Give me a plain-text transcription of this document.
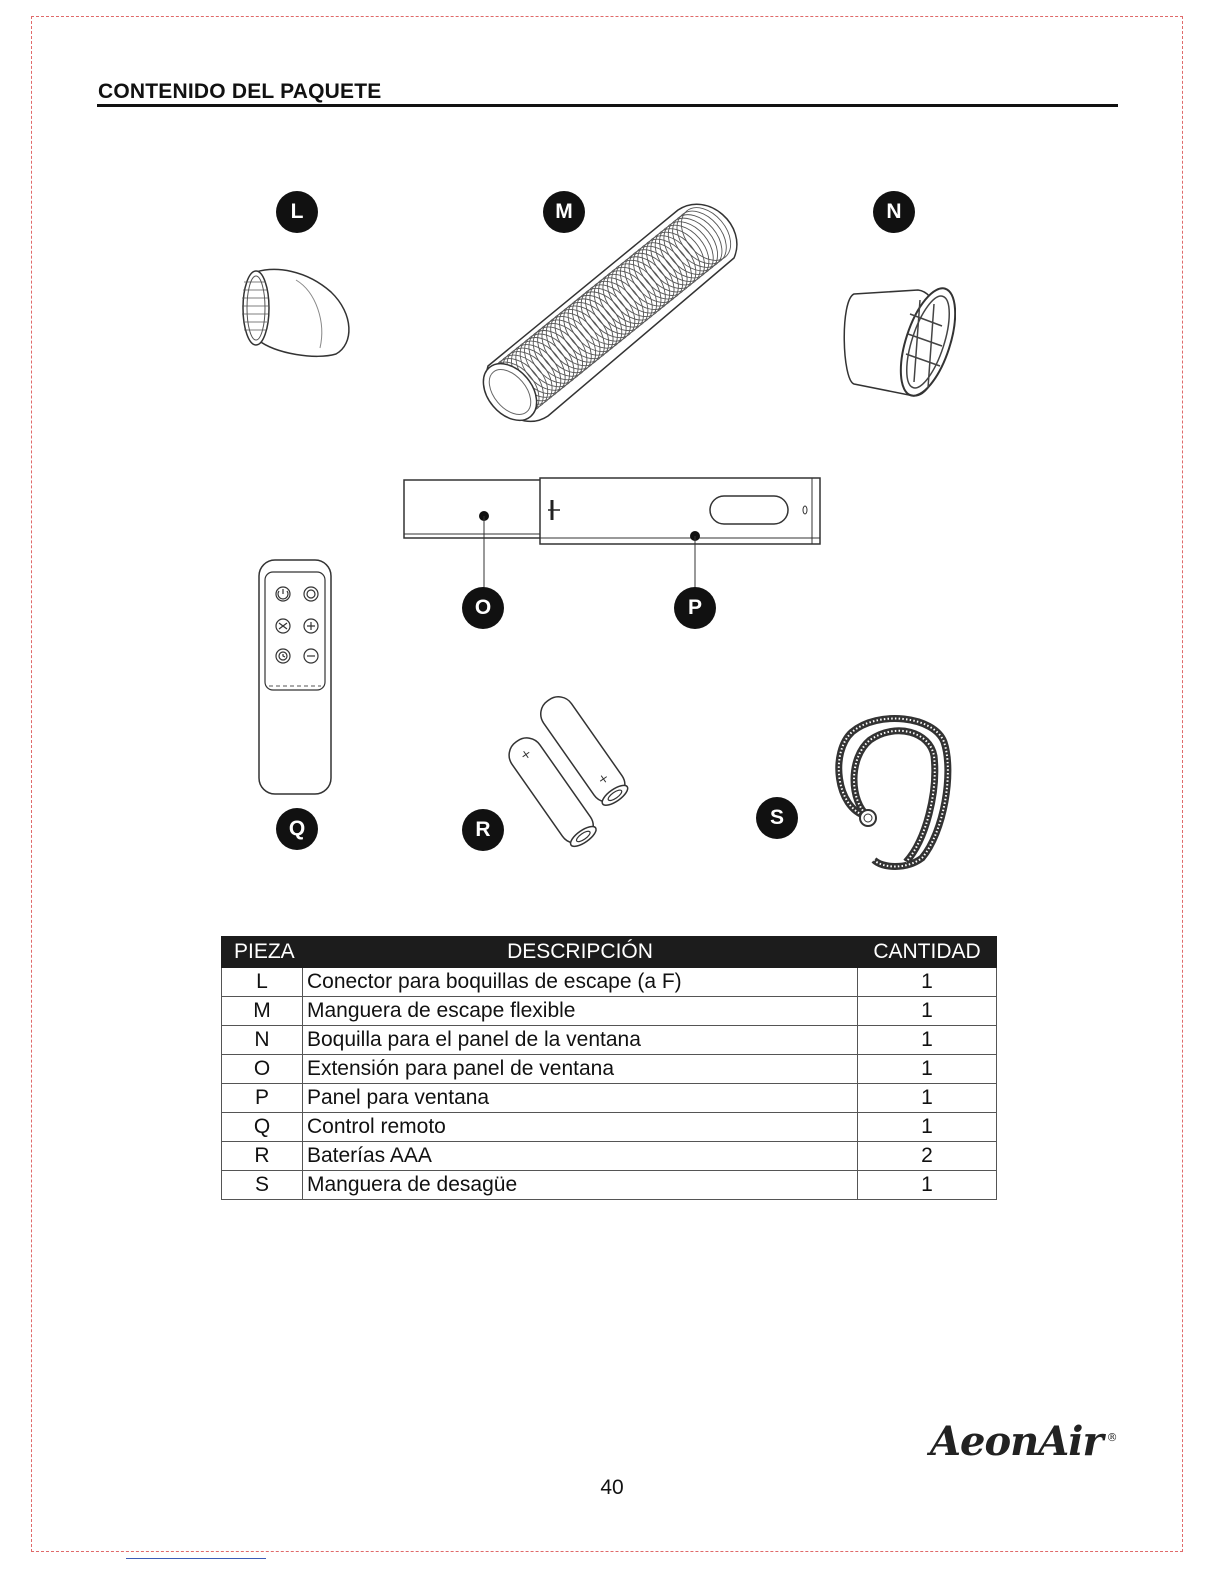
CONTENIDO DEL PAQUETE
L	M	N
O	P
Q	R
S
PIEZA	DESCRIPCIÓN	CANTIDAD
L	Conector para boquillas de escape (a F)	1
M	Manguera de escape flexible	1
N	Boquilla para el panel de la ventana	1
O	Extensión para panel de ventana	1
P	Panel para ventana	1
Q	Control remoto	1
R	Baterías AAA	2
S	Manguera de desagüe	1
AeonAir ®
40
